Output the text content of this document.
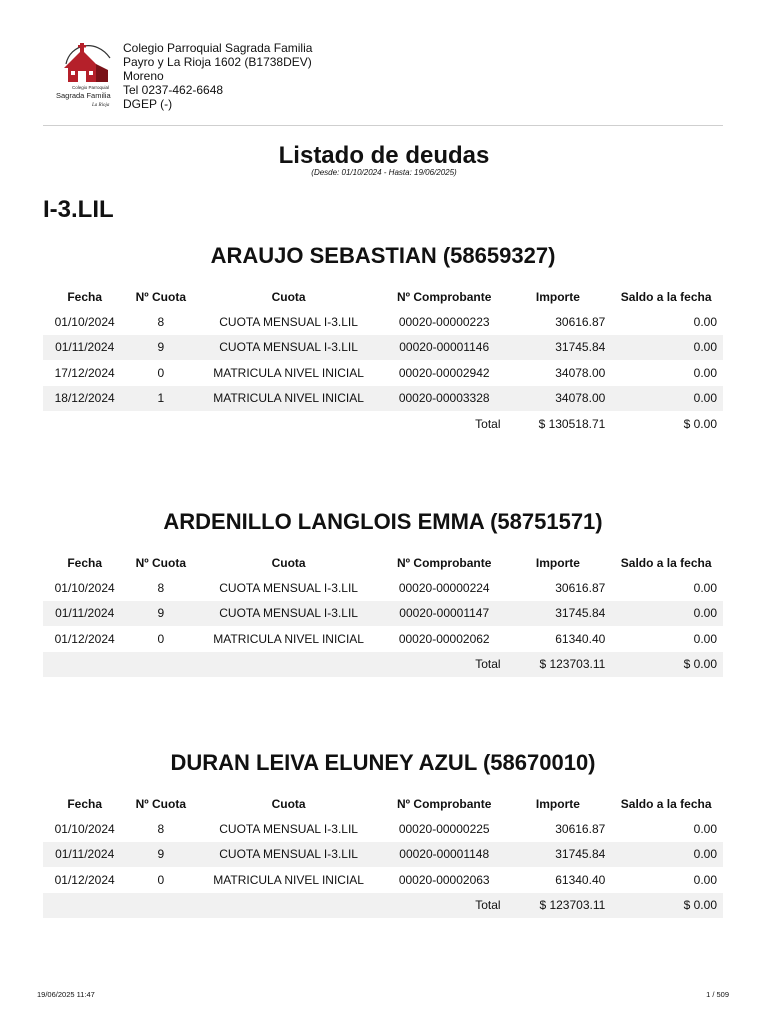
Colegio Parroquial
Sagrada Familia
La Rioja
Colegio Parroquial Sagrada Familia
Payro y La Rioja 1602 (B1738DEV)
Moreno
Tel 0237-462-6648
DGEP (-)
Listado de deudas
(Desde: 01/10/2024 - Hasta: 19/06/2025)
I-3.LIL
ARAUJO SEBASTIAN (58659327)
Fecha	Nº Cuota	Cuota	Nº Comprobante	Importe	Saldo a la fecha
01/10/2024	8	CUOTA MENSUAL I-3.LIL	00020-00000223	30616.87	0.00
01/11/2024	9	CUOTA MENSUAL I-3.LIL	00020-00001146	31745.84	0.00
17/12/2024	0	MATRICULA NIVEL INICIAL	00020-00002942	34078.00	0.00
18/12/2024	1	MATRICULA NIVEL INICIAL	00020-00003328	34078.00	0.00
			Total	$ 130518.71	$ 0.00
ARDENILLO LANGLOIS EMMA (58751571)
Fecha	Nº Cuota	Cuota	Nº Comprobante	Importe	Saldo a la fecha
01/10/2024	8	CUOTA MENSUAL I-3.LIL	00020-00000224	30616.87	0.00
01/11/2024	9	CUOTA MENSUAL I-3.LIL	00020-00001147	31745.84	0.00
01/12/2024	0	MATRICULA NIVEL INICIAL	00020-00002062	61340.40	0.00
			Total	$ 123703.11	$ 0.00
DURAN LEIVA ELUNEY AZUL (58670010)
Fecha	Nº Cuota	Cuota	Nº Comprobante	Importe	Saldo a la fecha
01/10/2024	8	CUOTA MENSUAL I-3.LIL	00020-00000225	30616.87	0.00
01/11/2024	9	CUOTA MENSUAL I-3.LIL	00020-00001148	31745.84	0.00
01/12/2024	0	MATRICULA NIVEL INICIAL	00020-00002063	61340.40	0.00
			Total	$ 123703.11	$ 0.00
19/06/2025 11:47	1 / 509
